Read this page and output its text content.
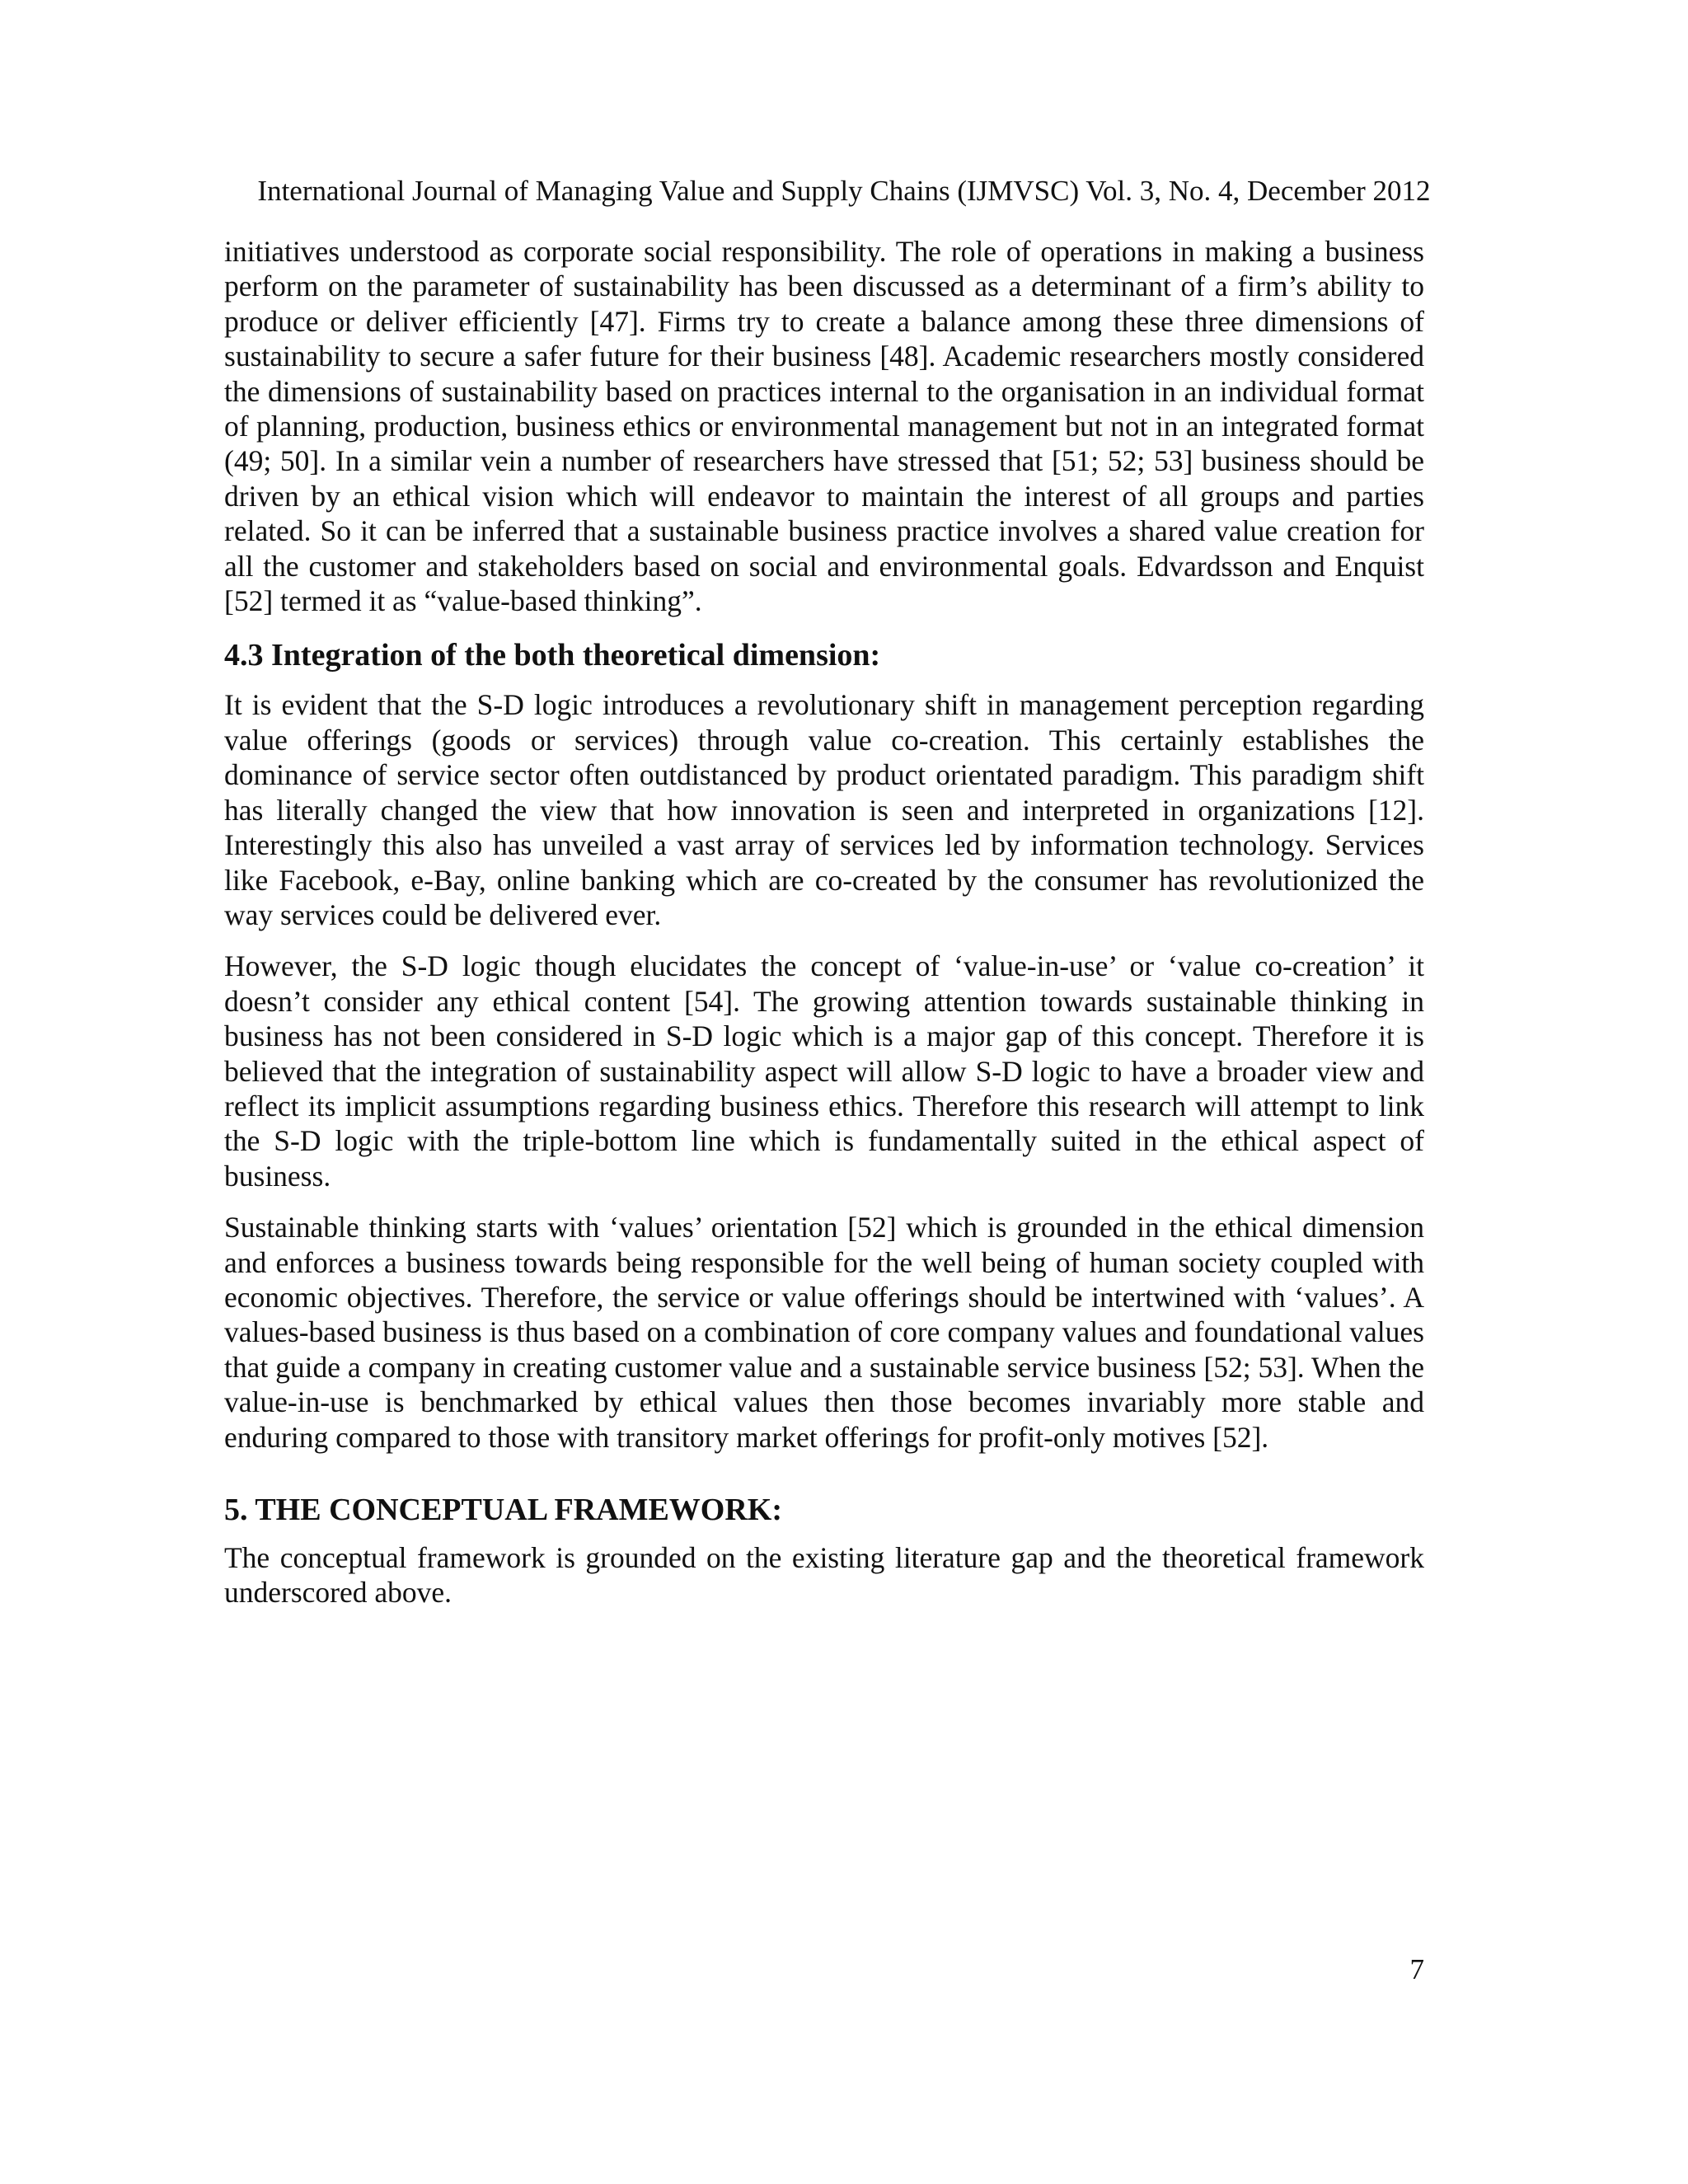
International Journal of Managing Value and Supply Chains (IJMVSC) Vol. 3, No. 4, December 2012

initiatives understood as corporate social responsibility. The role of operations in making a business perform on the parameter of sustainability has been discussed as a determinant of a firm’s ability to produce or deliver efficiently [47]. Firms try to create a balance among these three dimensions of sustainability to secure a safer future for their business [48]. Academic researchers mostly considered the dimensions of sustainability based on practices internal to the organisation in an individual format of planning, production, business ethics or environmental management but not in an integrated format (49; 50]. In a similar vein a number of researchers have stressed that [51; 52; 53] business should be driven by an ethical vision which will endeavor to maintain the interest of all groups and parties related. So it can be inferred that a sustainable business practice involves a shared value creation for all the customer and stakeholders based on social and environmental goals. Edvardsson and Enquist [52] termed it as “value-based thinking”.

4.3 Integration of the both theoretical dimension:

It is evident that the S-D logic introduces a revolutionary shift in management perception regarding value offerings (goods or services) through value co-creation. This certainly establishes the dominance of service sector often outdistanced by product orientated paradigm. This paradigm shift has literally changed the view that how innovation is seen and interpreted in organizations [12]. Interestingly this also has unveiled a vast array of services led by information technology. Services like Facebook, e-Bay, online banking which are co-created by the consumer has revolutionized the way services could be delivered ever.

However, the S-D logic though elucidates the concept of ‘value-in-use’ or ‘value co-creation’ it doesn’t consider any ethical content [54]. The growing attention towards sustainable thinking in business has not been considered in S-D logic which is a major gap of this concept. Therefore it is believed that the integration of sustainability aspect will allow S-D logic to have a broader view and reflect its implicit assumptions regarding business ethics. Therefore this research will attempt to link the S-D logic with the triple-bottom line which is fundamentally suited in the ethical aspect of business.

Sustainable thinking starts with ‘values’ orientation [52] which is grounded in the ethical dimension and enforces a business towards being responsible for the well being of human society coupled with economic objectives. Therefore, the service or value offerings should be intertwined with ‘values’. A values-based business is thus based on a combination of core company values and foundational values that guide a company in creating customer value and a sustainable service business [52; 53]. When the value-in-use is benchmarked by ethical values then those becomes invariably more stable and enduring compared to those with transitory market offerings for profit-only motives [52].

5. THE CONCEPTUAL FRAMEWORK:

The conceptual framework is grounded on the existing literature gap and the theoretical framework underscored above.

7
